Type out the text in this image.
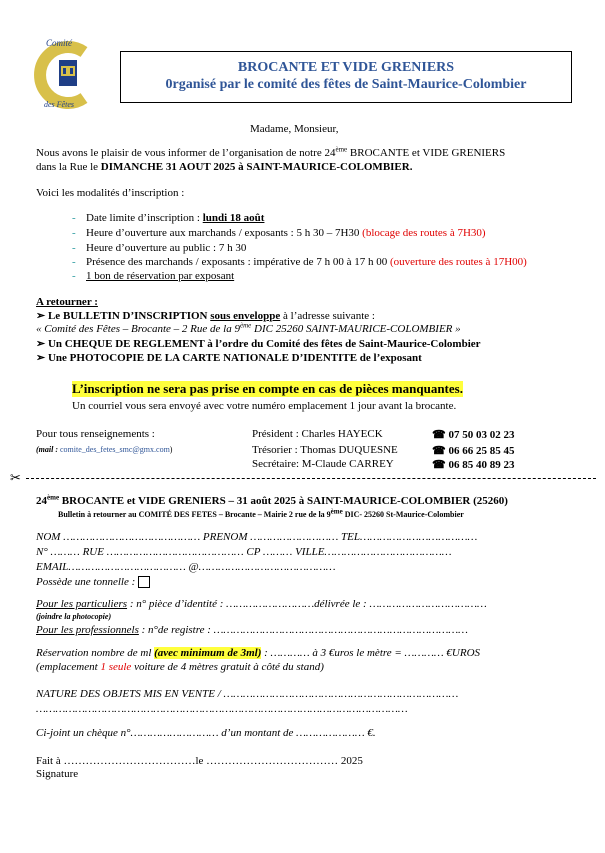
Comité
des Fêtes
BROCANTE ET VIDE GRENIERS
0rganisé par le comité des fêtes de Saint-Maurice-Colombier
Madame, Monsieur,
Nous avons le plaisir de vous informer de l’organisation de notre 24ème BROCANTE et VIDE GRENIERS
dans la Rue le DIMANCHE 31 AOUT 2025 à SAINT-MAURICE-COLOMBIER.
Voici les modalités d’inscription :
- Date limite d’inscription : lundi 18 août
- Heure d’ouverture aux marchands / exposants : 5 h 30 – 7H30 (blocage des routes à 7H30)
- Heure d’ouverture au public : 7 h 30
- Présence des marchands / exposants : impérative de 7 h 00 à 17 h 00 (ouverture des routes à 17H00)
- 1 bon de réservation par exposant
A retourner :
➢ Le BULLETIN D’INSCRIPTION sous enveloppe à l’adresse suivante :
« Comité des Fêtes – Brocante – 2 Rue de la 9ème DIC 25260 SAINT-MAURICE-COLOMBIER »
➢ Un CHEQUE DE REGLEMENT à l’ordre du Comité des fêtes de Saint-Maurice-Colombier
➢ Une PHOTOCOPIE DE LA CARTE NATIONALE D’IDENTITE de l’exposant
L’inscription ne sera pas prise en compte en cas de pièces manquantes.
Un courriel vous sera envoyé avec votre numéro emplacement 1 jour avant la brocante.
Pour tous renseignements :
(mail : comite_des_fetes_smc@gmx.com)
Président : Charles HAYECK
Trésorier : Thomas DUQUESNE
Secrétaire: M-Claude CARREY
☎ 07 50 03 02 23
☎ 06 66 25 85 45
☎ 06 85 40 89 23
✂
24ème BROCANTE et VIDE GRENIERS – 31 août 2025 à SAINT-MAURICE-COLOMBIER (25260)
Bulletin à retourner au COMITÉ DES FETES – Brocante – Mairie 2 rue de la 9ème DIC- 25260 St-Maurice-Colombier
NOM …………………………………… PRENOM ……………………… TEL………………………………
N° ……… RUE …………………………………… CP ……… VILLE…………………………………
EMAIL……………………………… @……………………………………
Possède une tonnelle :
Pour les particuliers : n° pièce d’identité : ………………………délivrée le : ………………………………
(joindre la photocopie)
Pour les professionnels : n°de registre : ……………………………………………………………………
Réservation nombre de ml (avec minimum de 3ml) : ………… à 3 €uros le mètre = ………… €UROS
(emplacement 1 seule voiture de 4 mètres gratuit à côté du stand)
NATURE DES OBJETS MIS EN VENTE / ………………………………………………………………
……………………………………………………………………………………………………
Ci-joint un chèque n°……………………… d’un montant de ………………… €.
Fait à ………………………………le ……………………………… 2025
Signature
